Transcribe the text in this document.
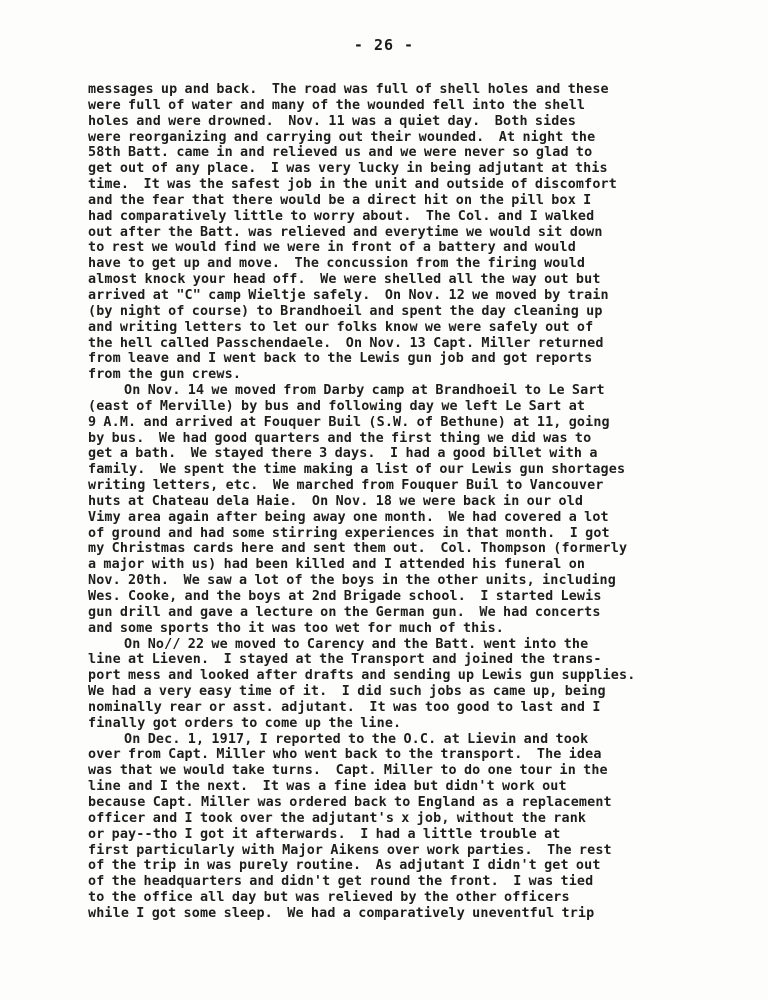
- 26 -
messages up and back.  The road was full of shell holes and these
were full of water and many of the wounded fell into the shell
holes and were drowned.  Nov. 11 was a quiet day.  Both sides
were reorganizing and carrying out their wounded.  At night the
58th Batt. came in and relieved us and we were never so glad to
get out of any place.  I was very lucky in being adjutant at this
time.  It was the safest job in the unit and outside of discomfort
and the fear that there would be a direct hit on the pill box I
had comparatively little to worry about.  The Col. and I walked
out after the Batt. was relieved and everytime we would sit down
to rest we would find we were in front of a battery and would
have to get up and move.  The concussion from the firing would
almost knock your head off.  We were shelled all the way out but
arrived at "C" camp Wieltje safely.  On Nov. 12 we moved by train
(by night of course) to Brandhoeil and spent the day cleaning up
and writing letters to let our folks know we were safely out of
the hell called Passchendaele.  On Nov. 13 Capt. Miller returned
from leave and I went back to the Lewis gun job and got reports
from the gun crews.
On Nov. 14 we moved from Darby camp at Brandhoeil to Le Sart
(east of Merville) by bus and following day we left Le Sart at
9 A.M. and arrived at Fouquer Buil (S.W. of Bethune) at 11, going
by bus.  We had good quarters and the first thing we did was to
get a bath.  We stayed there 3 days.  I had a good billet with a
family.  We spent the time making a list of our Lewis gun shortages
writing letters, etc.  We marched from Fouquer Buil to Vancouver
huts at Chateau dela Haie.  On Nov. 18 we were back in our old
Vimy area again after being away one month.  We had covered a lot
of ground and had some stirring experiences in that month.  I got
my Christmas cards here and sent them out.  Col. Thompson (formerly
a major with us) had been killed and I attended his funeral on
Nov. 20th.  We saw a lot of the boys in the other units, including
Wes. Cooke, and the boys at 2nd Brigade school.  I started Lewis
gun drill and gave a lecture on the German gun.  We had concerts
and some sports tho it was too wet for much of this.
On No// 22 we moved to Carency and the Batt. went into the
line at Lieven.  I stayed at the Transport and joined the trans-
port mess and looked after drafts and sending up Lewis gun supplies.
We had a very easy time of it.  I did such jobs as came up, being
nominally rear or asst. adjutant.  It was too good to last and I
finally got orders to come up the line.
On Dec. 1, 1917, I reported to the O.C. at Lievin and took
over from Capt. Miller who went back to the transport.  The idea
was that we would take turns.  Capt. Miller to do one tour in the
line and I the next.  It was a fine idea but didn't work out
because Capt. Miller was ordered back to England as a replacement
officer and I took over the adjutant's x job, without the rank
or pay--tho I got it afterwards.  I had a little trouble at
first particularly with Major Aikens over work parties.  The rest
of the trip in was purely routine.  As adjutant I didn't get out
of the headquarters and didn't get round the front.  I was tied
to the office all day but was relieved by the other officers
while I got some sleep.  We had a comparatively uneventful trip
